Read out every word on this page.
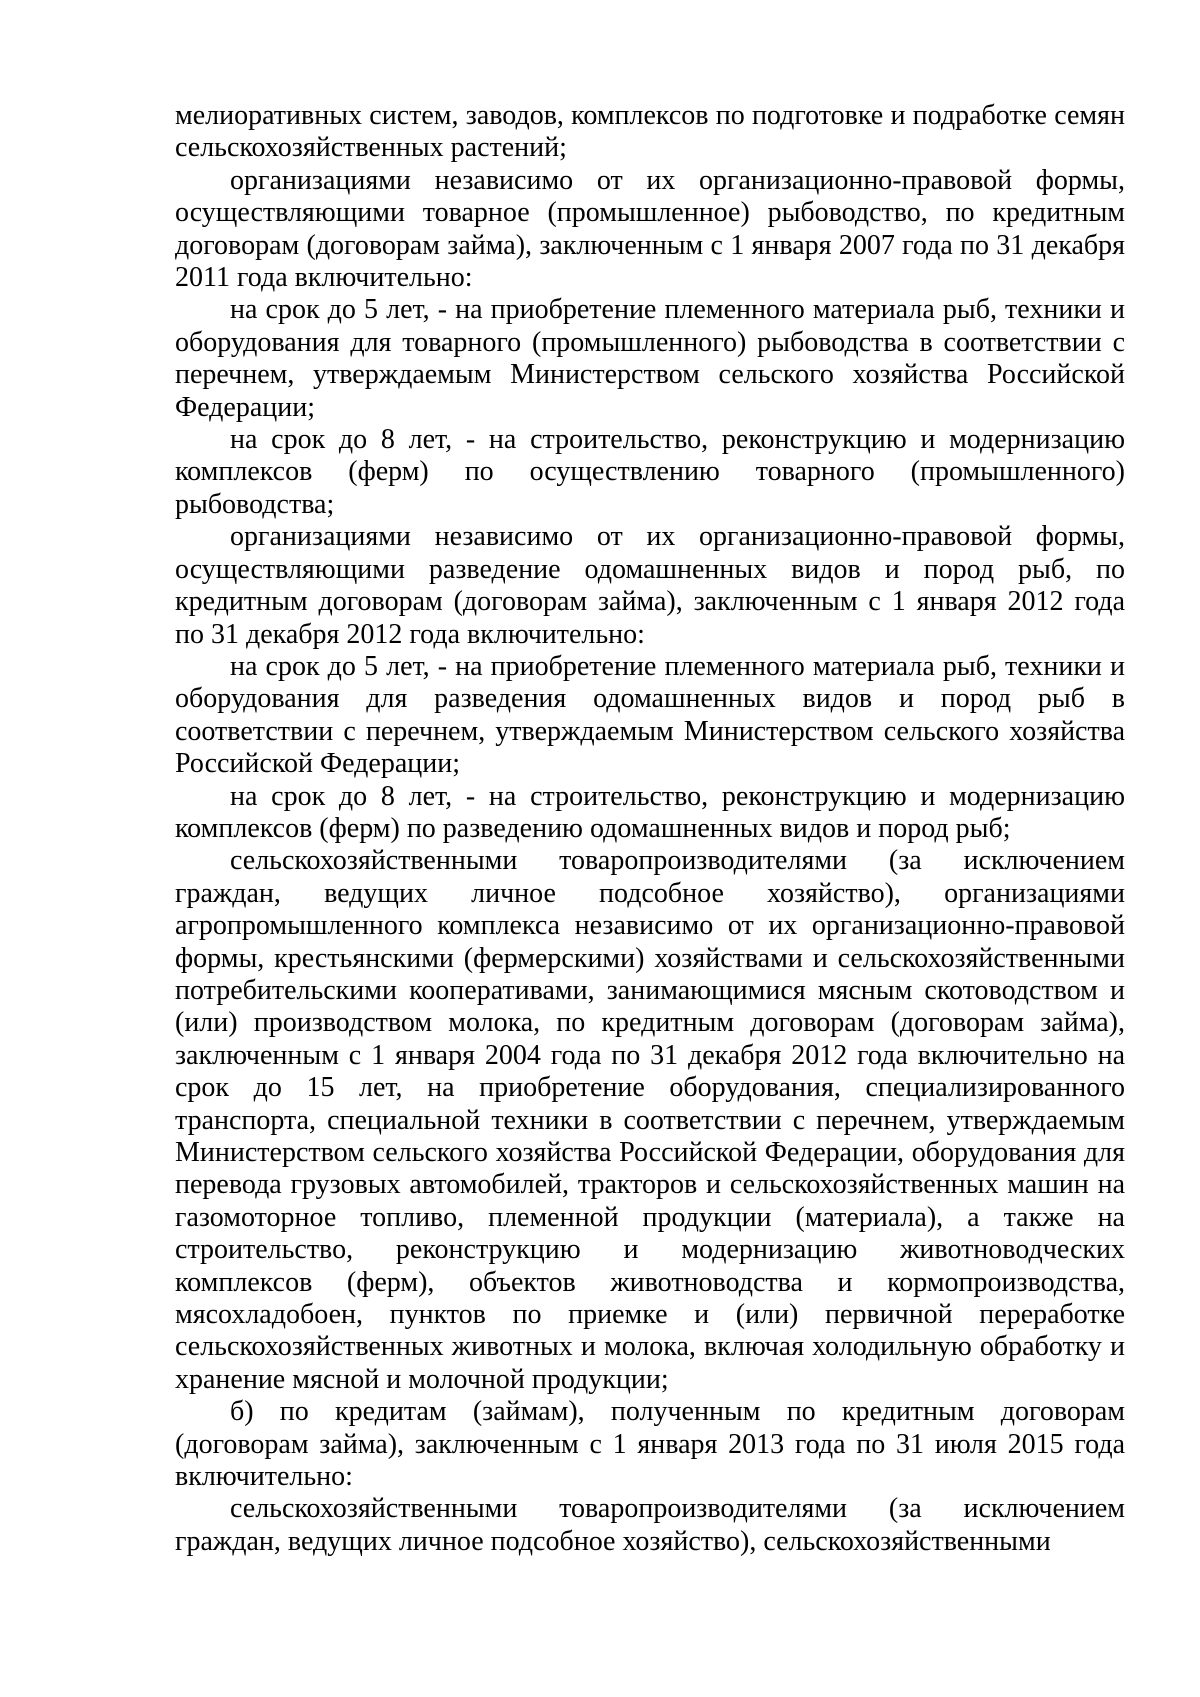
мелиоративных систем, заводов, комплексов по подготовке и подработке семян сельскохозяйственных растений;

организациями независимо от их организационно-правовой формы, осуществляющими товарное (промышленное) рыбоводство, по кредитным договорам (договорам займа), заключенным с 1 января 2007 года по 31 декабря 2011 года включительно:

на срок до 5 лет, - на приобретение племенного материала рыб, техники и оборудования для товарного (промышленного) рыбоводства в соответствии с перечнем, утверждаемым Министерством сельского хозяйства Российской Федерации;

на срок до 8 лет, - на строительство, реконструкцию и модернизацию комплексов (ферм) по осуществлению товарного (промышленного) рыбоводства;

организациями независимо от их организационно-правовой формы, осуществляющими разведение одомашненных видов и пород рыб, по кредитным договорам (договорам займа), заключенным с 1 января 2012 года по 31 декабря 2012 года включительно:

на срок до 5 лет, - на приобретение племенного материала рыб, техники и оборудования для разведения одомашненных видов и пород рыб в соответствии с перечнем, утверждаемым Министерством сельского хозяйства Российской Федерации;

на срок до 8 лет, - на строительство, реконструкцию и модернизацию комплексов (ферм) по разведению одомашненных видов и пород рыб;

сельскохозяйственными товаропроизводителями (за исключением граждан, ведущих личное подсобное хозяйство), организациями агропромышленного комплекса независимо от их организационно-правовой формы, крестьянскими (фермерскими) хозяйствами и сельскохозяйственными потребительскими кооперативами, занимающимися мясным скотоводством и (или) производством молока, по кредитным договорам (договорам займа), заключенным с 1 января 2004 года по 31 декабря 2012 года включительно на срок до 15 лет, на приобретение оборудования, специализированного транспорта, специальной техники в соответствии с перечнем, утверждаемым Министерством сельского хозяйства Российской Федерации, оборудования для перевода грузовых автомобилей, тракторов и сельскохозяйственных машин на газомоторное топливо, племенной продукции (материала), а также на строительство, реконструкцию и модернизацию животноводческих комплексов (ферм), объектов животноводства и кормопроизводства, мясохладобоен, пунктов по приемке и (или) первичной переработке сельскохозяйственных животных и молока, включая холодильную обработку и хранение мясной и молочной продукции;

б) по кредитам (займам), полученным по кредитным договорам (договорам займа), заключенным с 1 января 2013 года по 31 июля 2015 года включительно:

сельскохозяйственными товаропроизводителями (за исключением граждан, ведущих личное подсобное хозяйство), сельскохозяйственными
